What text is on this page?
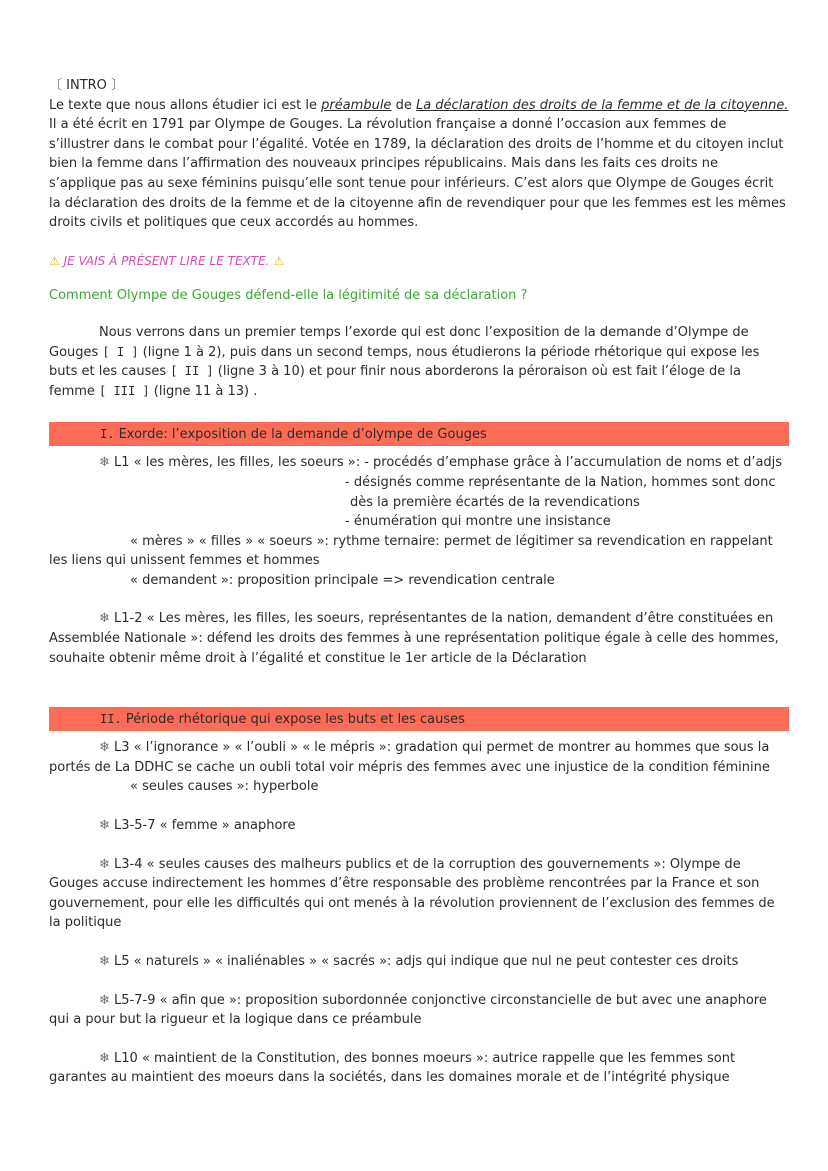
〔 INTRO 〕

Le texte que nous allons étudier ici est le préambule de La déclaration des droits de la femme et de la citoyenne. Il a été écrit en 1791 par Olympe de Gouges. La révolution française a donné l’occasion aux femmes de s’illustrer dans le combat pour l’égalité. Votée en 1789, la déclaration des droits de l’homme et du citoyen inclut bien la femme dans l’affirmation des nouveaux principes républicains. Mais dans les faits ces droits ne s’applique pas au sexe féminins puisqu’elle sont tenue pour inférieurs. C’est alors que Olympe de Gouges écrit la déclaration des droits de la femme et de la citoyenne afin de revendiquer pour que les femmes est les mêmes droits civils et politiques que ceux accordés au hommes.

⚠ JE VAIS À PRÉSENT LIRE LE TEXTE. ⚠

Comment Olympe de Gouges défend-elle la légitimité de sa déclaration ?

Nous verrons dans un premier temps l’exorde qui est donc l’exposition de la demande d’Olympe de Gouges [ I ] (ligne 1 à 2), puis dans un second temps, nous étudierons la période rhétorique qui expose les buts et les causes [ II ] (ligne 3 à 10) et pour finir nous aborderons la péroraison où est fait l’éloge de la femme [ III ] (ligne 11 à 13) .

I. Exorde: l’exposition de la demande d’olympe de Gouges

❄ L1 « les mères, les filles, les soeurs »: - procédés d’emphase grâce à l’accumulation de noms et d’adjs

- désignés comme représentante de la Nation, hommes sont donc

dès la première écartés de la revendications

- énumération qui montre une insistance

« mères » « filles » « soeurs »: rythme ternaire: permet de légitimer sa revendication en rappelant les liens qui unissent femmes et hommes

« demandent »: proposition principale => revendication centrale

❄ L1-2 « Les mères, les filles, les soeurs, représentantes de la nation, demandent d’être constituées en Assemblée Nationale »: défend les droits des femmes à une représentation politique égale à celle des hommes, souhaite obtenir même droit à l’égalité et constitue le 1er article de la Déclaration

II. Période rhétorique qui expose les buts et les causes

❄ L3 « l’ignorance » « l’oubli » « le mépris »: gradation qui permet de montrer au hommes que sous la portés de La DDHC se cache un oubli total voir mépris des femmes avec une injustice de la condition féminine

« seules causes »: hyperbole

❄ L3-5-7 « femme » anaphore

❄ L3-4 « seules causes des malheurs publics et de la corruption des gouvernements »: Olympe de Gouges accuse indirectement les hommes d’être responsable des problème rencontrées par la France et son gouvernement, pour elle les difficultés qui ont menés à la révolution proviennent de l’exclusion des femmes de la politique

❄ L5 « naturels » « inaliénables » « sacrés »: adjs qui indique que nul ne peut contester ces droits

❄ L5-7-9 « afin que »: proposition subordonnée conjonctive circonstancielle de but avec une anaphore qui a pour but la rigueur et la logique dans ce préambule

❄ L10 « maintient de la Constitution, des bonnes moeurs »: autrice rappelle que les femmes sont garantes au maintient des moeurs dans la sociétés, dans les domaines morale et de l’intégrité physique
